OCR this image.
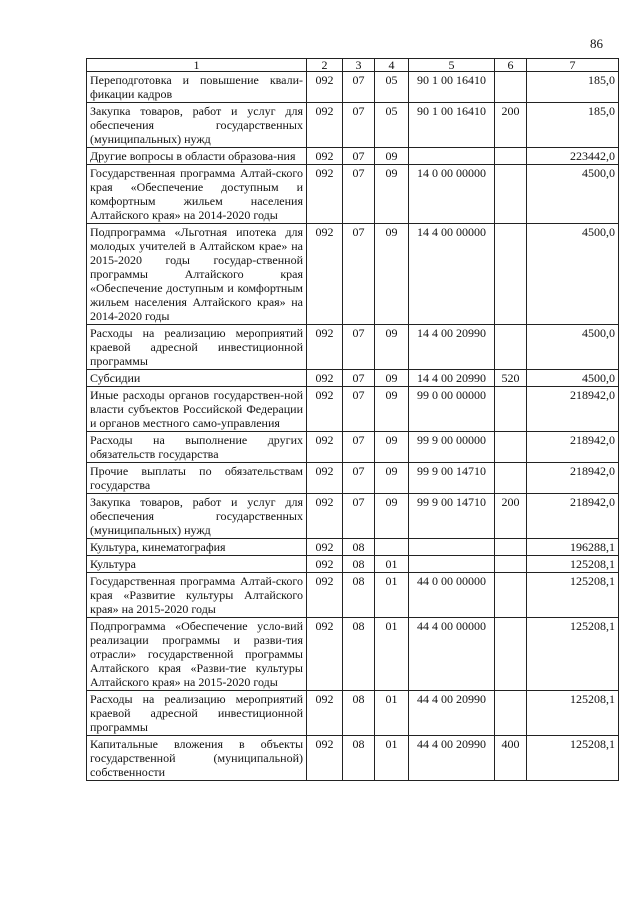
86
1	2	3	4	5	6	7
Переподготовка и повышение квали-фикации кадров	092	07	05	90 1 00 16410		185,0
Закупка товаров, работ и услуг для обеспечения государственных (муниципальных) нужд	092	07	05	90 1 00 16410	200	185,0
Другие вопросы в области образова-ния	092	07	09			223442,0
Государственная программа Алтай-ского края «Обеспечение доступным и комфортным жильем населения Алтайского края» на 2014-2020 годы	092	07	09	14 0 00 00000		4500,0
Подпрограмма «Льготная ипотека для молодых учителей в Алтайском крае» на 2015-2020 годы государ-ственной программы Алтайского края «Обеспечение доступным и комфортным жильем населения Алтайского края» на 2014-2020 годы	092	07	09	14 4 00 00000		4500,0
Расходы на реализацию мероприятий краевой адресной инвестиционной программы	092	07	09	14 4 00 20990		4500,0
Субсидии	092	07	09	14 4 00 20990	520	4500,0
Иные расходы органов государствен-ной власти субъектов Российской Федерации и органов местного само-управления	092	07	09	99 0 00 00000		218942,0
Расходы на выполнение других обязательств государства	092	07	09	99 9 00 00000		218942,0
Прочие выплаты по обязательствам государства	092	07	09	99 9 00 14710		218942,0
Закупка товаров, работ и услуг для обеспечения государственных (муниципальных) нужд	092	07	09	99 9 00 14710	200	218942,0
Культура, кинематография	092	08				196288,1
Культура	092	08	01			125208,1
Государственная программа Алтай-ского края «Развитие культуры Алтайского края» на 2015-2020 годы	092	08	01	44 0 00 00000		125208,1
Подпрограмма «Обеспечение усло-вий реализации программы и разви-тия отрасли» государственной программы Алтайского края «Разви-тие культуры Алтайского края» на 2015-2020 годы	092	08	01	44 4 00 00000		125208,1
Расходы на реализацию мероприятий краевой адресной инвестиционной программы	092	08	01	44 4 00 20990		125208,1
Капитальные вложения в объекты государственной (муниципальной) собственности	092	08	01	44 4 00 20990	400	125208,1
